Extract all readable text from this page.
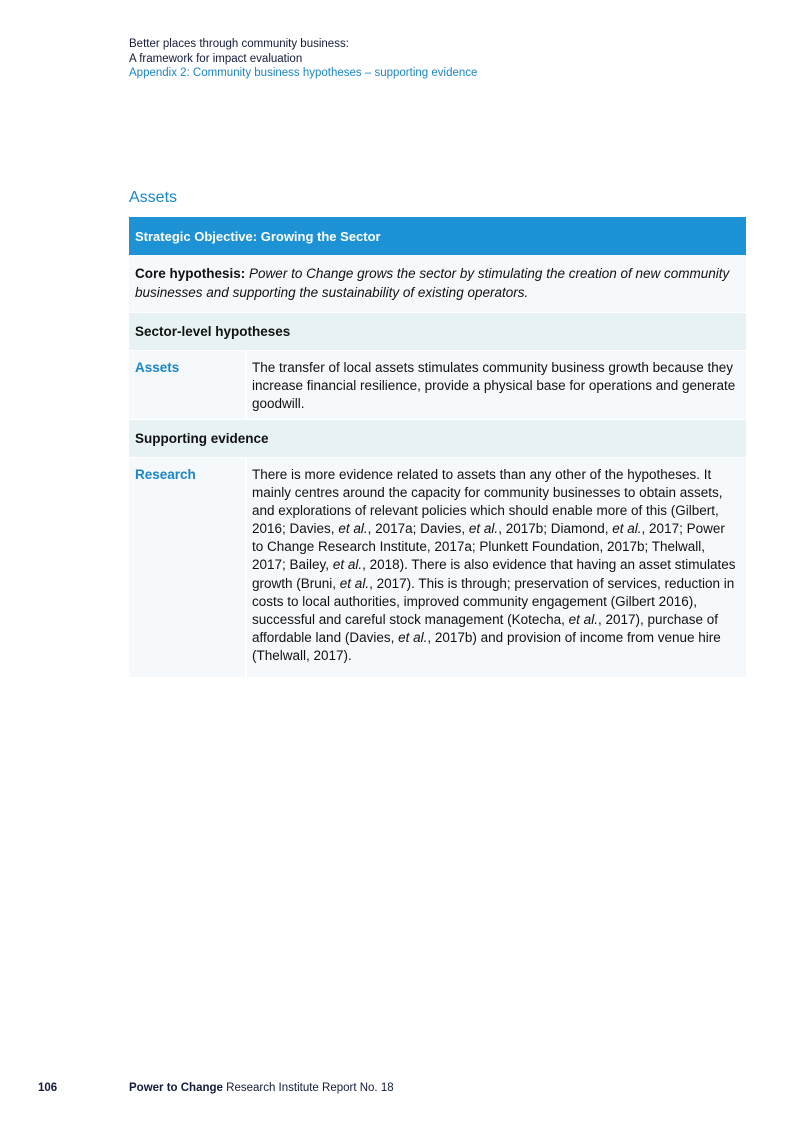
Better places through community business:
A framework for impact evaluation
Appendix 2: Community business hypotheses – supporting evidence
Assets
Strategic Objective: Growing the Sector
Core hypothesis: Power to Change grows the sector by stimulating the creation of new community businesses and supporting the sustainability of existing operators.
Sector-level hypotheses
Assets	The transfer of local assets stimulates community business growth because they increase financial resilience, provide a physical base for operations and generate goodwill.
Supporting evidence
Research	There is more evidence related to assets than any other of the hypotheses. It mainly centres around the capacity for community businesses to obtain assets, and explorations of relevant policies which should enable more of this (Gilbert, 2016; Davies, et al., 2017a; Davies, et al., 2017b; Diamond, et al., 2017; Power to Change Research Institute, 2017a; Plunkett Foundation, 2017b; Thelwall, 2017; Bailey, et al., 2018). There is also evidence that having an asset stimulates growth (Bruni, et al., 2017). This is through; preservation of services, reduction in costs to local authorities, improved community engagement (Gilbert 2016), successful and careful stock management (Kotecha, et al., 2017), purchase of affordable land (Davies, et al., 2017b) and provision of income from venue hire (Thelwall, 2017).
106	Power to Change Research Institute Report No. 18
